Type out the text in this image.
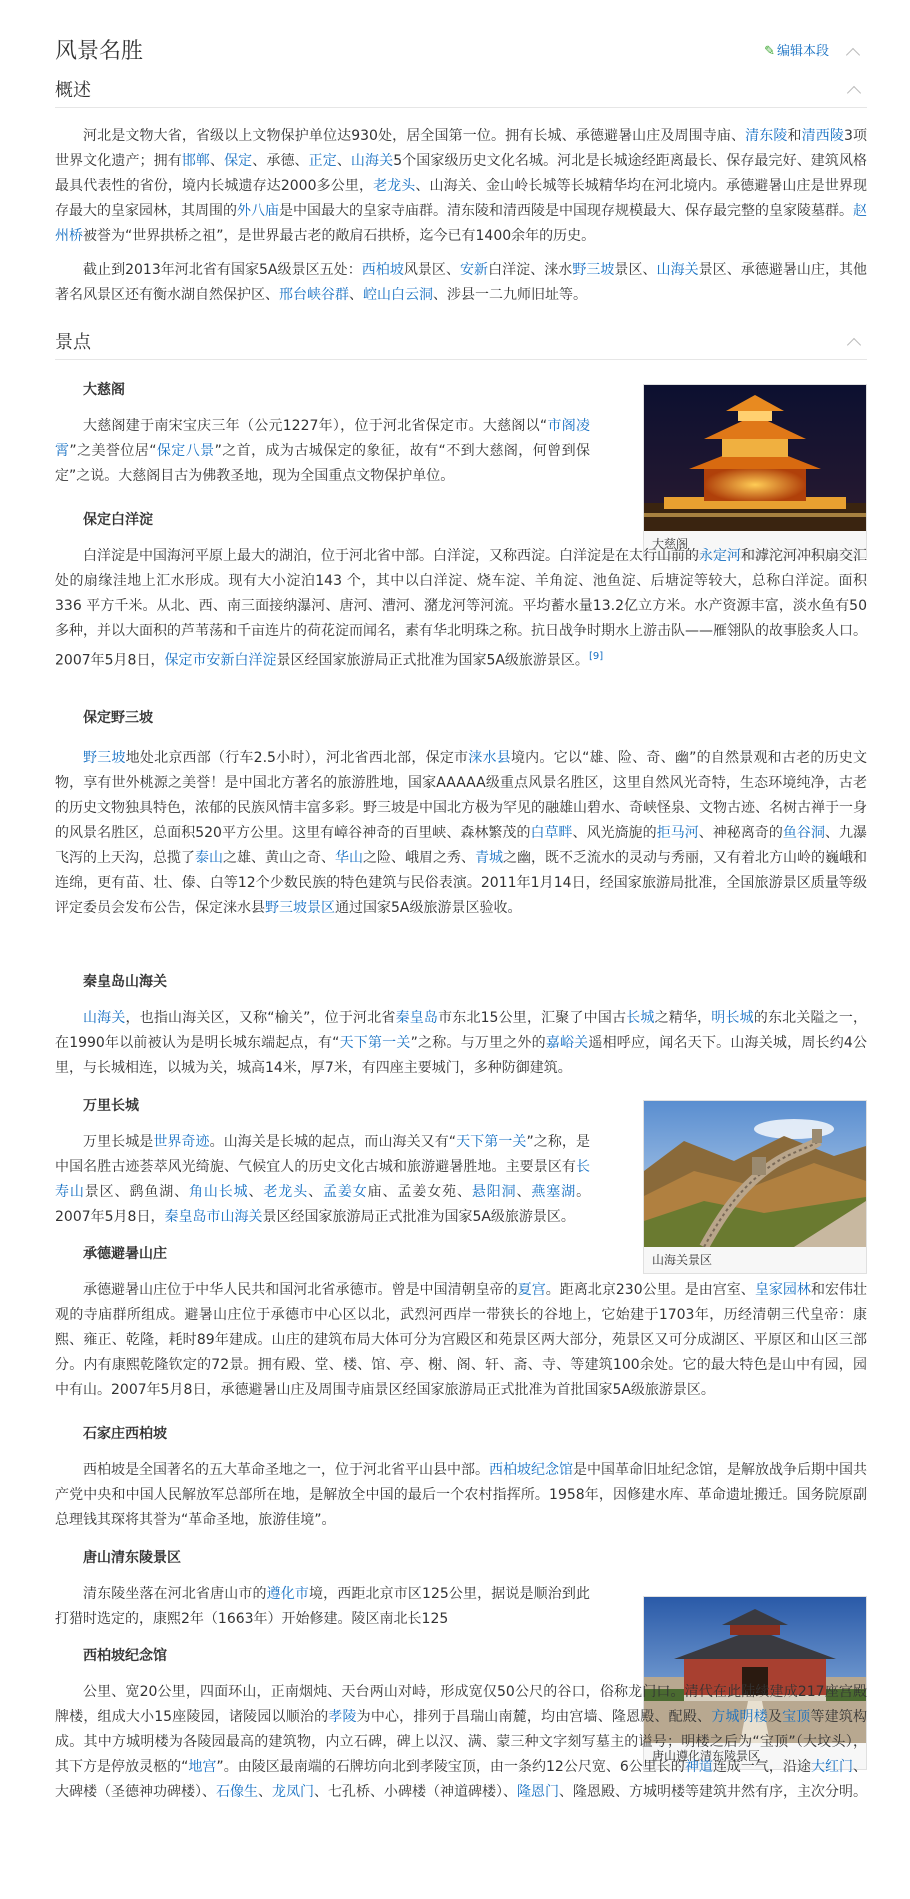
风景名胜	✎ 编辑本段
概述

河北是文物大省，省级以上文物保护单位达930处，居全国第一位。拥有长城、承德避暑山庄及周围寺庙、清东陵和清西陵3项世界文化遗产；拥有邯郸、保定、承德、正定、山海关5个国家级历史文化名城。河北是长城途经距离最长、保存最完好、建筑风格最具代表性的省份，境内长城遗存达2000多公里，老龙头、山海关、金山岭长城等长城精华均在河北境内。承德避暑山庄是世界现存最大的皇家园林，其周围的外八庙是中国最大的皇家寺庙群。清东陵和清西陵是中国现存规模最大、保存最完整的皇家陵墓群。赵州桥被誉为“世界拱桥之祖”，是世界最古老的敞肩石拱桥，迄今已有1400余年的历史。

截止到2013年河北省有国家5A级景区五处：西柏坡风景区、安新白洋淀、涞水野三坡景区、山海关景区、承德避暑山庄，其他著名风景区还有衡水湖自然保护区、邢台峡谷群、崆山白云洞、涉县一二九师旧址等。

景点
大慈阁

大慈阁建于南宋宝庆三年（公元1227年），位于河北省保定市。大慈阁以“市阁凌霄”之美誉位居“保定八景”之首，成为古城保定的象征，故有“不到大慈阁，何曾到保定”之说。大慈阁目古为佛教圣地，现为全国重点文物保护单位。

大慈阁
保定白洋淀

白洋淀是中国海河平原上最大的湖泊，位于河北省中部。白洋淀，又称西淀。白洋淀是在太行山前的永定河和滹沱河冲积扇交汇处的扇缘洼地上汇水形成。现有大小淀泊143 个，其中以白洋淀、烧车淀、羊角淀、池鱼淀、后塘淀等较大，总称白洋淀。面积 336 平方千米。从北、西、南三面接纳瀑河、唐河、漕河、潴龙河等河流。平均蓄水量13.2亿立方米。水产资源丰富，淡水鱼有50多种，并以大面积的芦苇荡和千亩连片的荷花淀而闻名，素有华北明珠之称。抗日战争时期水上游击队——雁翎队的故事脍炙人口。2007年5月8日，保定市安新白洋淀景区经国家旅游局正式批准为国家5A级旅游景区。[9]

保定野三坡

野三坡地处北京西部（行车2.5小时），河北省西北部，保定市涞水县境内。它以“雄、险、奇、幽”的自然景观和古老的历史文物，享有世外桃源之美誉！是中国北方著名的旅游胜地，国家AAAAA级重点风景名胜区，这里自然风光奇特，生态环境纯净，古老的历史文物独具特色，浓郁的民族风情丰富多彩。野三坡是中国北方极为罕见的融雄山碧水、奇峡怪泉、文物古迹、名树古禅于一身的风景名胜区，总面积520平方公里。这里有嶂谷神奇的百里峡、森林繁茂的白草畔、风光旖旎的拒马河、神秘离奇的鱼谷洞、九瀑飞泻的上天沟，总揽了泰山之雄、黄山之奇、华山之险、峨眉之秀、青城之幽，既不乏流水的灵动与秀丽，又有着北方山岭的巍峨和连绵，更有苗、壮、傣、白等12个少数民族的特色建筑与民俗表演。2011年1月14日，经国家旅游局批准，全国旅游景区质量等级评定委员会发布公告，保定涞水县野三坡景区通过国家5A级旅游景区验收。

秦皇岛山海关

山海关，也指山海关区，又称“榆关”，位于河北省秦皇岛市东北15公里，汇聚了中国古长城之精华，明长城的东北关隘之一，在1990年以前被认为是明长城东端起点，有“天下第一关”之称。与万里之外的嘉峪关遥相呼应，闻名天下。山海关城，周长约4公里，与长城相连，以城为关，城高14米，厚7米，有四座主要城门，多种防御建筑。

万里长城

万里长城是世界奇迹。山海关是长城的起点，而山海关又有“天下第一关”之称，是中国名胜古迹荟萃风光绮旎、气候宜人的历史文化古城和旅游避暑胜地。主要景区有长寿山景区、鹞鱼湖、角山长城、老龙头、孟姜女庙、孟姜女苑、悬阳洞、燕塞湖。2007年5月8日，秦皇岛市山海关景区经国家旅游局正式批准为国家5A级旅游景区。

山海关景区
承德避暑山庄

承德避暑山庄位于中华人民共和国河北省承德市。曾是中国清朝皇帝的夏宫。距离北京230公里。是由宫室、皇家园林和宏伟壮观的寺庙群所组成。避暑山庄位于承德市中心区以北，武烈河西岸一带狭长的谷地上，它始建于1703年，历经清朝三代皇帝：康熙、雍正、乾隆，耗时89年建成。山庄的建筑布局大体可分为宫殿区和苑景区两大部分，苑景区又可分成湖区、平原区和山区三部分。内有康熙乾隆钦定的72景。拥有殿、堂、楼、馆、亭、榭、阁、轩、斋、寺、等建筑100余处。它的最大特色是山中有园，园中有山。2007年5月8日，承德避暑山庄及周围寺庙景区经国家旅游局正式批准为首批国家5A级旅游景区。

石家庄西柏坡

西柏坡是全国著名的五大革命圣地之一，位于河北省平山县中部。西柏坡纪念馆是中国革命旧址纪念馆，是解放战争后期中国共产党中央和中国人民解放军总部所在地，是解放全中国的最后一个农村指挥所。1958年，因修建水库、革命遗址搬迁。国务院原副总理钱其琛将其誉为“革命圣地，旅游佳境”。

唐山清东陵景区

清东陵坐落在河北省唐山市的遵化市境，西距北京市区125公里，据说是顺治到此打猎时选定的，康熙2年（1663年）开始修建。陵区南北长125

唐山遵化清东陵景区
西柏坡纪念馆

公里、宽20公里，四面环山，正南烟炖、天台两山对峙，形成宽仅50公尺的谷口，俗称龙门口。清代在此陆续建成217座宫殿牌楼，组成大小15座陵园，诸陵园以顺治的孝陵为中心，排列于昌瑞山南麓，均由宫墙、隆恩殿、配殿、方城明楼及宝顶等建筑构成。其中方城明楼为各陵园最高的建筑物，内立石碑，碑上以汉、满、蒙三种文字刻写墓主的谥号；明楼之后为“宝顶”（大坟头），其下方是停放灵柩的“地宫”。由陵区最南端的石牌坊向北到孝陵宝顶，由一条约12公尺宽、6公里长的神道连成一气，沿途大红门、大碑楼（圣德神功碑楼）、石像生、龙凤门、七孔桥、小碑楼（神道碑楼）、隆恩门、隆恩殿、方城明楼等建筑井然有序，主次分明。
